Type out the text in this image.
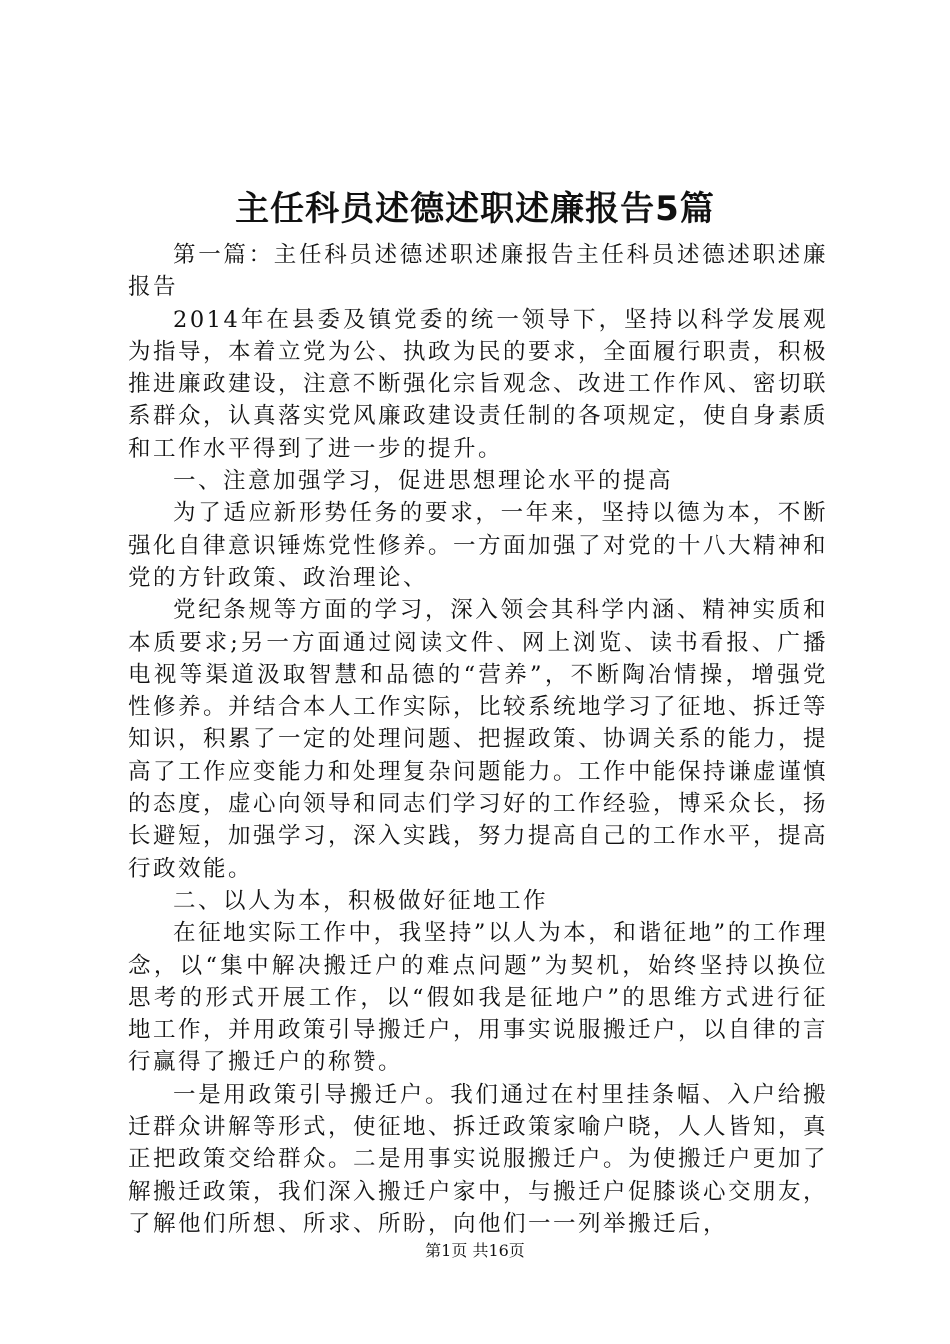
主任科员述德述职述廉报告5篇

第一篇：主任科员述德述职述廉报告主任科员述德述职述廉报告

2014年在县委及镇党委的统一领导下，坚持以科学发展观为指导，本着立党为公、执政为民的要求，全面履行职责，积极推进廉政建设，注意不断强化宗旨观念、改进工作作风、密切联系群众，认真落实党风廉政建设责任制的各项规定，使自身素质和工作水平得到了进一步的提升。

一、注意加强学习，促进思想理论水平的提高

为了适应新形势任务的要求，一年来，坚持以德为本，不断强化自律意识锤炼党性修养。一方面加强了对党的十八大精神和党的方针政策、政治理论、

党纪条规等方面的学习，深入领会其科学内涵、精神实质和本质要求;另一方面通过阅读文件、网上浏览、读书看报、广播电视等渠道汲取智慧和品德的“营养”，不断陶冶情操，增强党性修养。并结合本人工作实际，比较系统地学习了征地、拆迁等知识，积累了一定的处理问题、把握政策、协调关系的能力，提高了工作应变能力和处理复杂问题能力。工作中能保持谦虚谨慎的态度，虚心向领导和同志们学习好的工作经验，博采众长，扬长避短，加强学习，深入实践，努力提高自己的工作水平，提高行政效能。

二、以人为本，积极做好征地工作

在征地实际工作中，我坚持”以人为本，和谐征地”的工作理念，以“集中解决搬迁户的难点问题”为契机，始终坚持以换位思考的形式开展工作，以“假如我是征地户”的思维方式进行征地工作，并用政策引导搬迁户，用事实说服搬迁户，以自律的言行赢得了搬迁户的称赞。

一是用政策引导搬迁户。我们通过在村里挂条幅、入户给搬迁群众讲解等形式，使征地、拆迁政策家喻户晓，人人皆知，真正把政策交给群众。二是用事实说服搬迁户。为使搬迁户更加了解搬迁政策，我们深入搬迁户家中，与搬迁户促膝谈心交朋友，了解他们所想、所求、所盼，向他们一一列举搬迁后，

第1页 共16页
